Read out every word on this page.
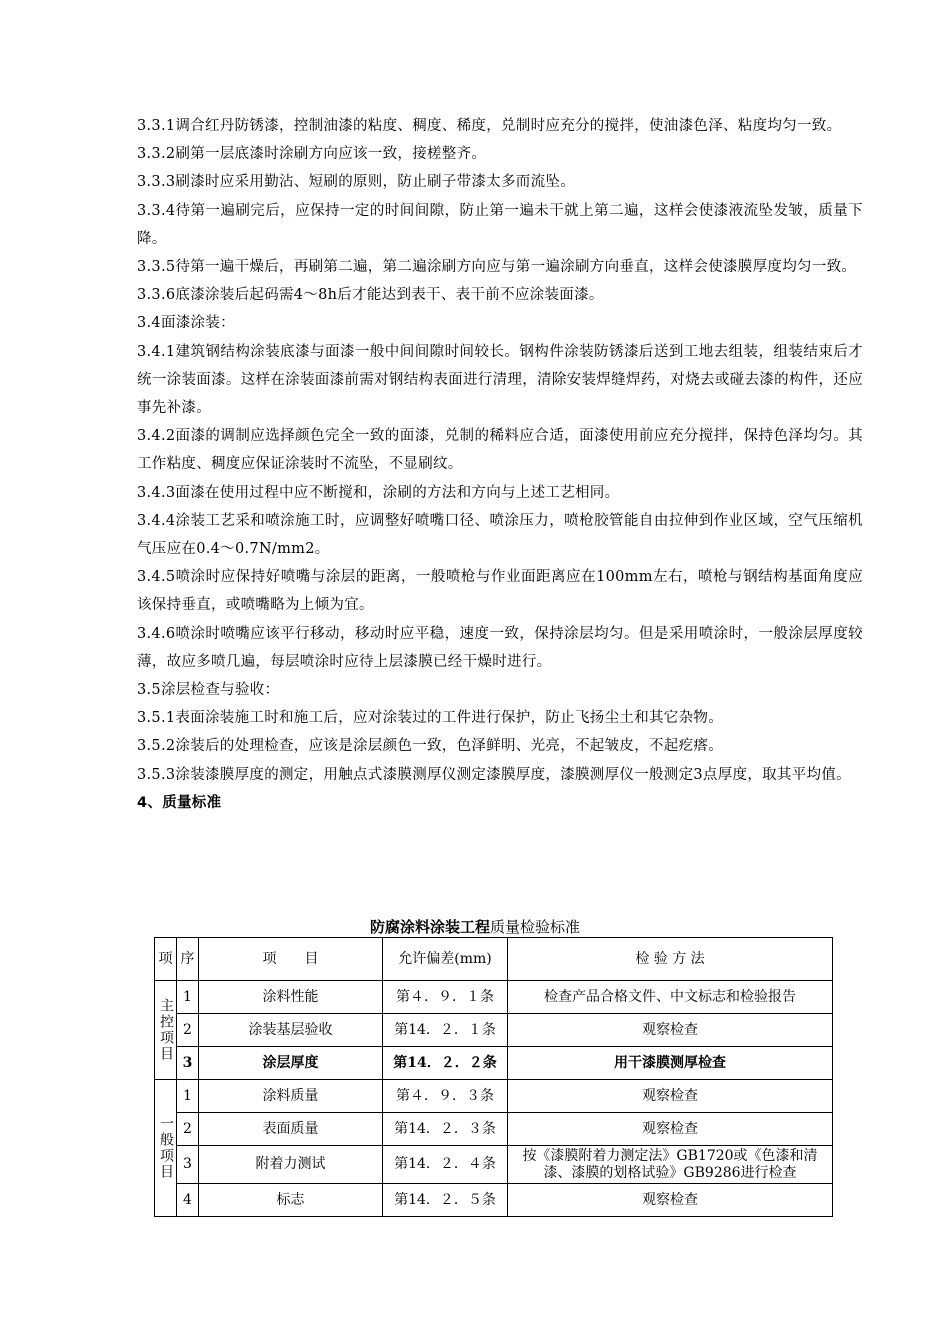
3.3.1调合红丹防锈漆，控制油漆的粘度、稠度、稀度，兑制时应充分的搅拌，使油漆色泽、粘度均匀一致。

3.3.2刷第一层底漆时涂刷方向应该一致，接槎整齐。

3.3.3刷漆时应采用勤沾、短刷的原则，防止刷子带漆太多而流坠。

3.3.4待第一遍刷完后，应保持一定的时间间隙，防止第一遍未干就上第二遍，这样会使漆液流坠发皱，质量下降。

3.3.5待第一遍干燥后，再刷第二遍，第二遍涂刷方向应与第一遍涂刷方向垂直，这样会使漆膜厚度均匀一致。

3.3.6底漆涂装后起码需4～8h后才能达到表干、表干前不应涂装面漆。

3.4面漆涂装：

3.4.1建筑钢结构涂装底漆与面漆一般中间间隙时间较长。钢构件涂装防锈漆后送到工地去组装，组装结束后才统一涂装面漆。这样在涂装面漆前需对钢结构表面进行清理，清除安装焊缝焊药，对烧去或碰去漆的构件，还应事先补漆。

3.4.2面漆的调制应选择颜色完全一致的面漆，兑制的稀料应合适，面漆使用前应充分搅拌，保持色泽均匀。其工作粘度、稠度应保证涂装时不流坠，不显刷纹。

3.4.3面漆在使用过程中应不断搅和，涂刷的方法和方向与上述工艺相同。

3.4.4涂装工艺采和喷涂施工时，应调整好喷嘴口径、喷涂压力，喷枪胶管能自由拉伸到作业区域，空气压缩机气压应在0.4～0.7N/mm2。

3.4.5喷涂时应保持好喷嘴与涂层的距离，一般喷枪与作业面距离应在100mm左右，喷枪与钢结构基面角度应该保持垂直，或喷嘴略为上倾为宜。

3.4.6喷涂时喷嘴应该平行移动，移动时应平稳，速度一致，保持涂层均匀。但是采用喷涂时，一般涂层厚度较薄，故应多喷几遍，每层喷涂时应待上层漆膜已经干燥时进行。

3.5涂层检查与验收：

3.5.1表面涂装施工时和施工后，应对涂装过的工件进行保护，防止飞扬尘土和其它杂物。

3.5.2涂装后的处理检查，应该是涂层颜色一致，色泽鲜明、光亮，不起皱皮，不起疙瘩。

3.5.3涂装漆膜厚度的测定，用触点式漆膜测厚仪测定漆膜厚度，漆膜测厚仪一般测定3点厚度，取其平均值。

4、质量标准

防腐涂料涂装工程质量检验标准
项	序	项　　目	允许偏差(mm)	检 验 方 法
主控项目	1	涂料性能	第４．９．１条	检查产品合格文件、中文标志和检验报告
	2	涂装基层验收	第14．２．１条	观察检查
	3	涂层厚度	第14．２．２条	用干漆膜测厚检查
一般项目	1	涂料质量	第４．９．３条	观察检查
	2	表面质量	第14．２．３条	观察检查
	3	附着力测试	第14．２．４条	按《漆膜附着力测定法》GB1720或《色漆和清漆、漆膜的划格试验》GB9286进行检查
	4	标志	第14．２．５条	观察检查
